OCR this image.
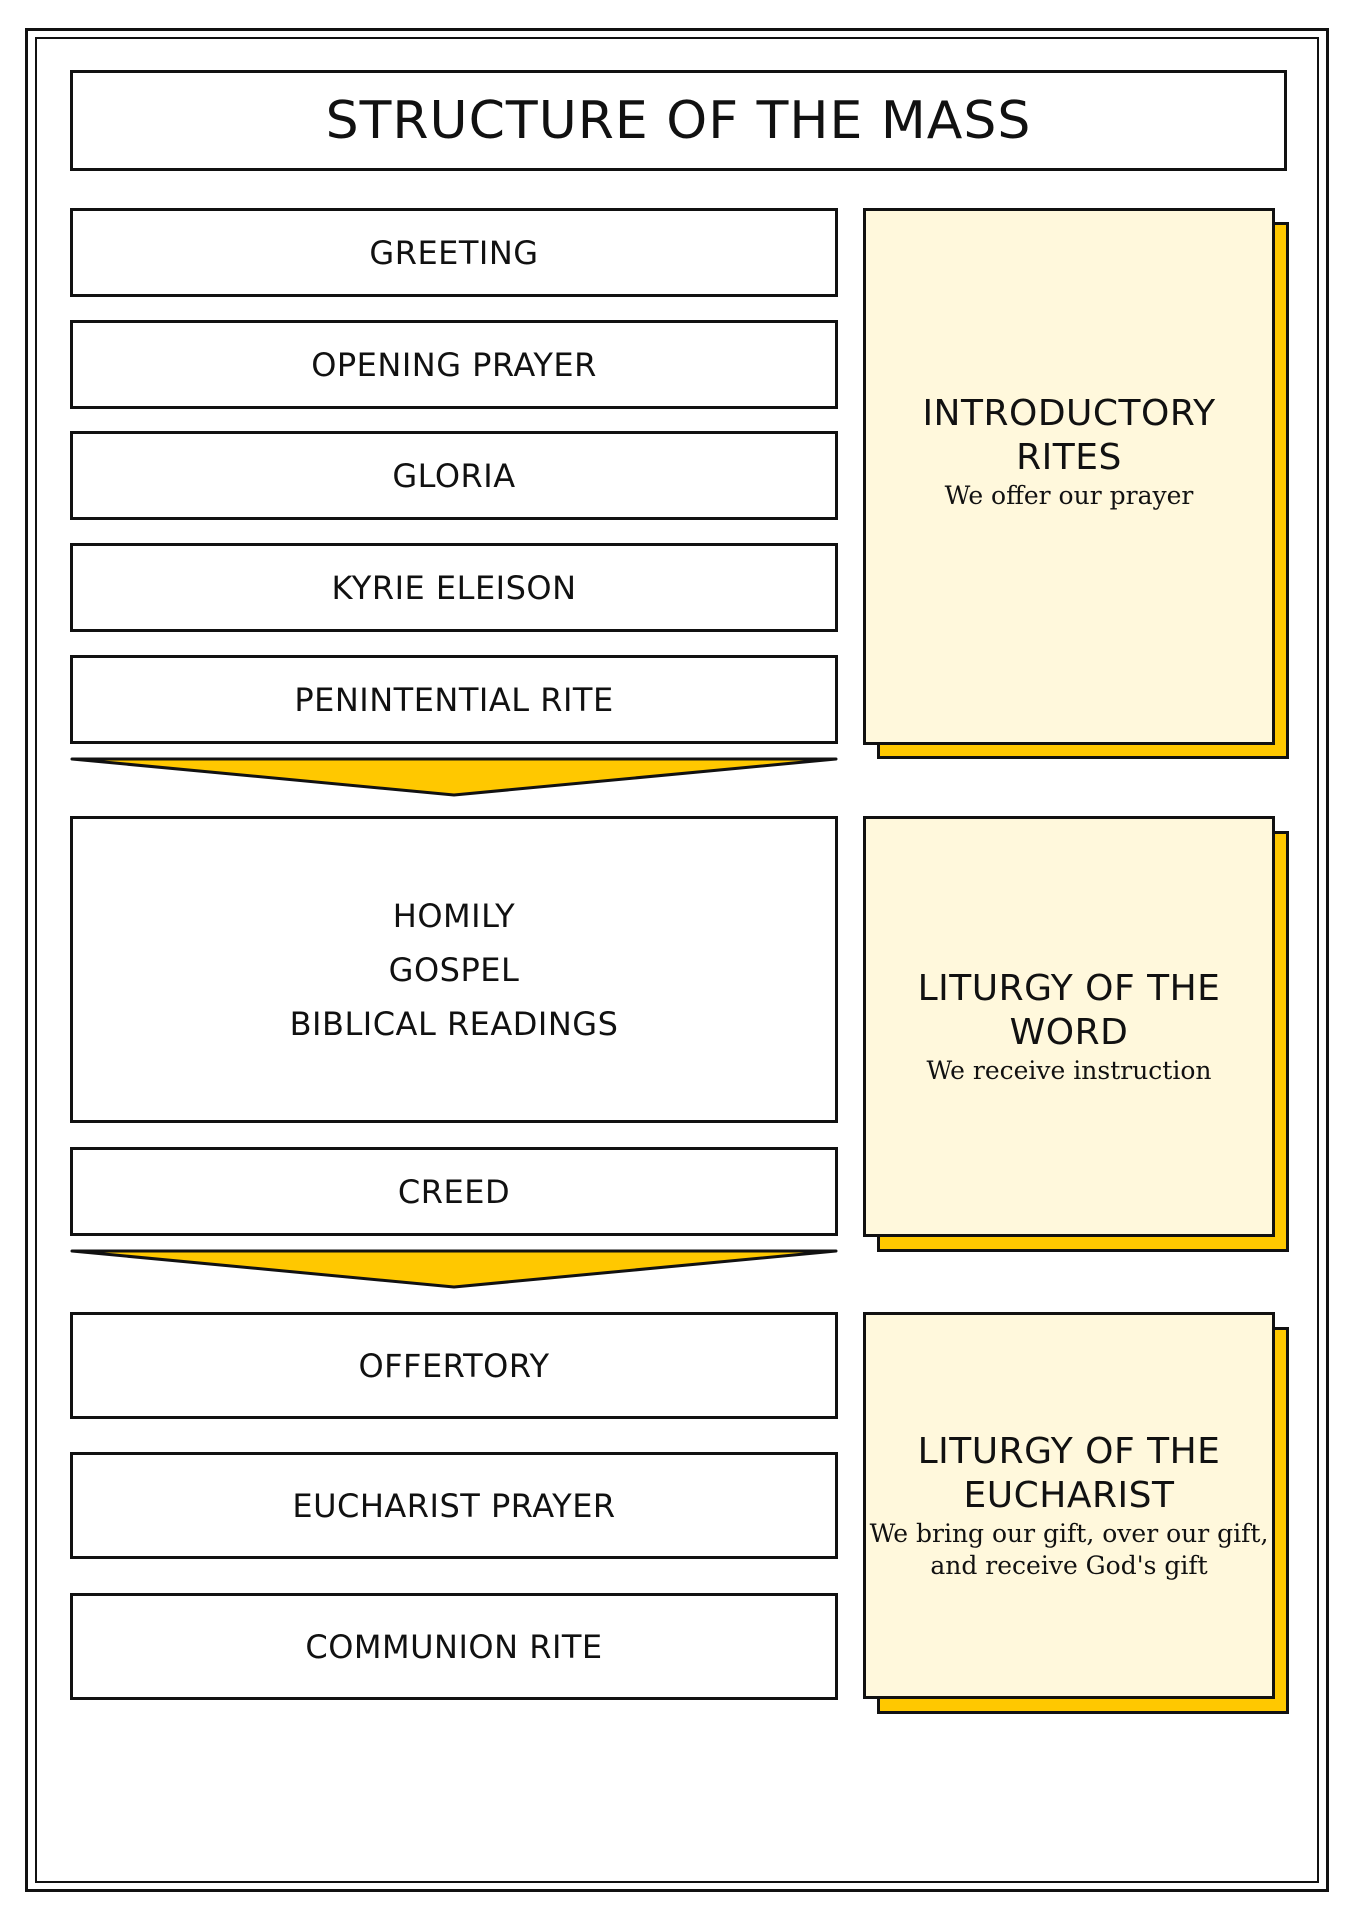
STRUCTURE OF THE MASS
GREETING
OPENING PRAYER
GLORIA
KYRIE ELEISON
PENINTENTIAL RITE
INTRODUCTORY RITES
We offer our prayer
HOMILY
GOSPEL
BIBLICAL READINGS
CREED
LITURGY OF THE WORD
We receive instruction
OFFERTORY
EUCHARIST PRAYER
COMMUNION RITE
LITURGY OF THE
EUCHARIST
We bring our gift, over our gift,
and receive God's gift
